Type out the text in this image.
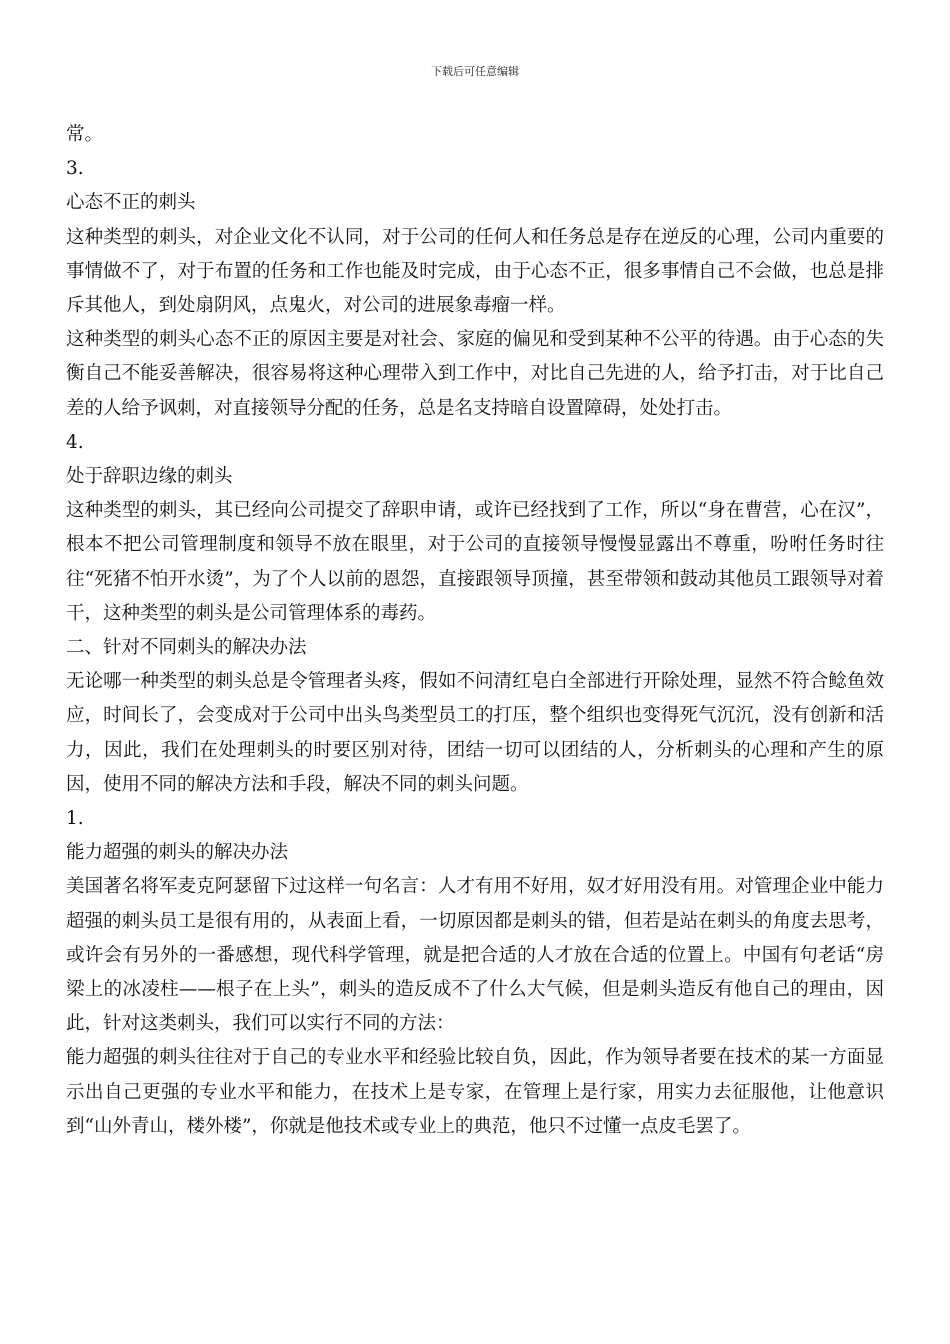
下载后可任意编辑

常。

3.

心态不正的刺头

这种类型的刺头，对企业文化不认同，对于公司的任何人和任务总是存在逆反的心理，公司内重要的事情做不了，对于布置的任务和工作也能及时完成，由于心态不正，很多事情自己不会做，也总是排斥其他人，到处扇阴风，点鬼火，对公司的进展象毒瘤一样。

这种类型的刺头心态不正的原因主要是对社会、家庭的偏见和受到某种不公平的待遇。由于心态的失衡自己不能妥善解决，很容易将这种心理带入到工作中，对比自己先进的人，给予打击，对于比自己差的人给予讽刺，对直接领导分配的任务，总是名支持暗自设置障碍，处处打击。

4.

处于辞职边缘的刺头

这种类型的刺头，其已经向公司提交了辞职申请，或许已经找到了工作，所以“身在曹营，心在汉”，根本不把公司管理制度和领导不放在眼里，对于公司的直接领导慢慢显露出不尊重，吩咐任务时往往“死猪不怕开水烫”，为了个人以前的恩怨，直接跟领导顶撞，甚至带领和鼓动其他员工跟领导对着干，这种类型的刺头是公司管理体系的毒药。

二、针对不同刺头的解决办法

无论哪一种类型的刺头总是令管理者头疼，假如不问清红皂白全部进行开除处理，显然不符合鲶鱼效应，时间长了，会变成对于公司中出头鸟类型员工的打压，整个组织也变得死气沉沉，没有创新和活力，因此，我们在处理刺头的时要区别对待，团结一切可以团结的人，分析刺头的心理和产生的原因，使用不同的解决方法和手段，解决不同的刺头问题。

1.

能力超强的刺头的解决办法

美国著名将军麦克阿瑟留下过这样一句名言：人才有用不好用，奴才好用没有用。对管理企业中能力超强的刺头员工是很有用的，从表面上看，一切原因都是刺头的错，但若是站在刺头的角度去思考，或许会有另外的一番感想，现代科学管理，就是把合适的人才放在合适的位置上。中国有句老话“房梁上的冰凌柱——根子在上头”，刺头的造反成不了什么大气候，但是刺头造反有他自己的理由，因此，针对这类刺头，我们可以实行不同的方法：

能力超强的刺头往往对于自己的专业水平和经验比较自负，因此，作为领导者要在技术的某一方面显示出自己更强的专业水平和能力，在技术上是专家，在管理上是行家，用实力去征服他，让他意识到“山外青山，楼外楼”，你就是他技术或专业上的典范，他只不过懂一点皮毛罢了。
